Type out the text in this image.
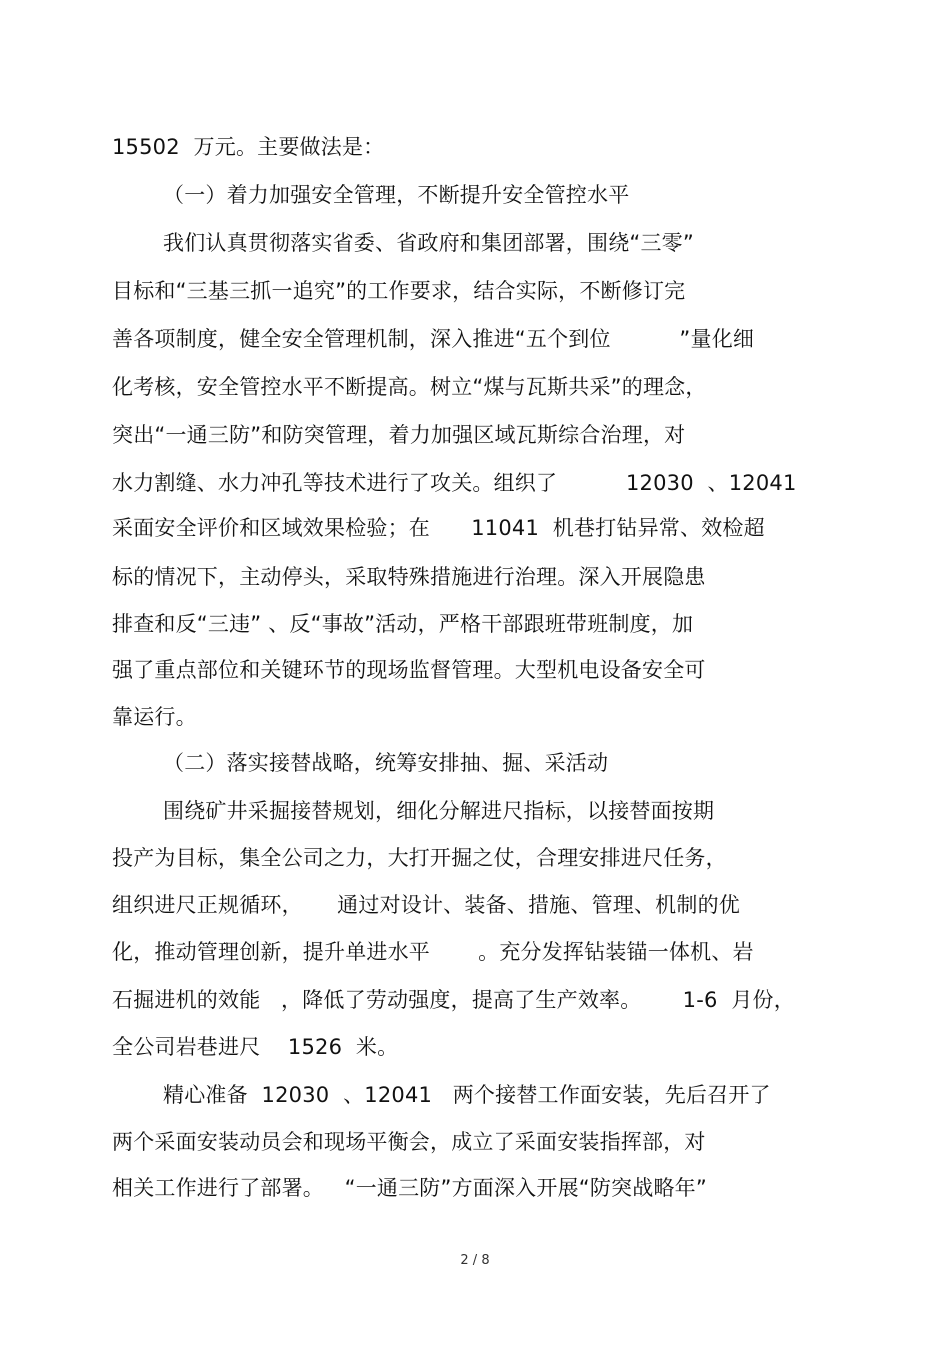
15502  万元。主要做法是：
（一）着力加强安全管理，不断提升安全管控水平
我们认真贯彻落实省委、省政府和集团部署，围绕“三零”
目标和“三基三抓一追究”的工作要求，结合实际，不断修订完
善各项制度，健全安全管理机制，深入推进“五个到位          ”量化细
化考核，安全管控水平不断提高。树立“煤与瓦斯共采”的理念，
突出“一通三防”和防突管理，着力加强区域瓦斯综合治理，对
水力割缝、水力冲孔等技术进行了攻关。组织了          12030  、12041
采面安全评价和区域效果检验；在      11041  机巷打钻异常、效检超
标的情况下，主动停头，采取特殊措施进行治理。深入开展隐患
排查和反“三违” 、反“事故”活动，严格干部跟班带班制度，加
强了重点部位和关键环节的现场监督管理。大型机电设备安全可
靠运行。
（二）落实接替战略，统筹安排抽、掘、采活动
围绕矿井采掘接替规划，细化分解进尺指标，以接替面按期
投产为目标，集全公司之力，大打开掘之仗，合理安排进尺任务，
组织进尺正规循环，     通过对设计、装备、措施、管理、机制的优
化，推动管理创新，提升单进水平       。充分发挥钻装锚一体机、岩
石掘进机的效能   ，降低了劳动强度，提高了生产效率。      1-6  月份，
全公司岩巷进尺    1526  米。
精心准备  12030  、12041   两个接替工作面安装，先后召开了
两个采面安装动员会和现场平衡会，成立了采面安装指挥部，对
相关工作进行了部署。   “一通三防”方面深入开展“防突战略年”
2 / 8
